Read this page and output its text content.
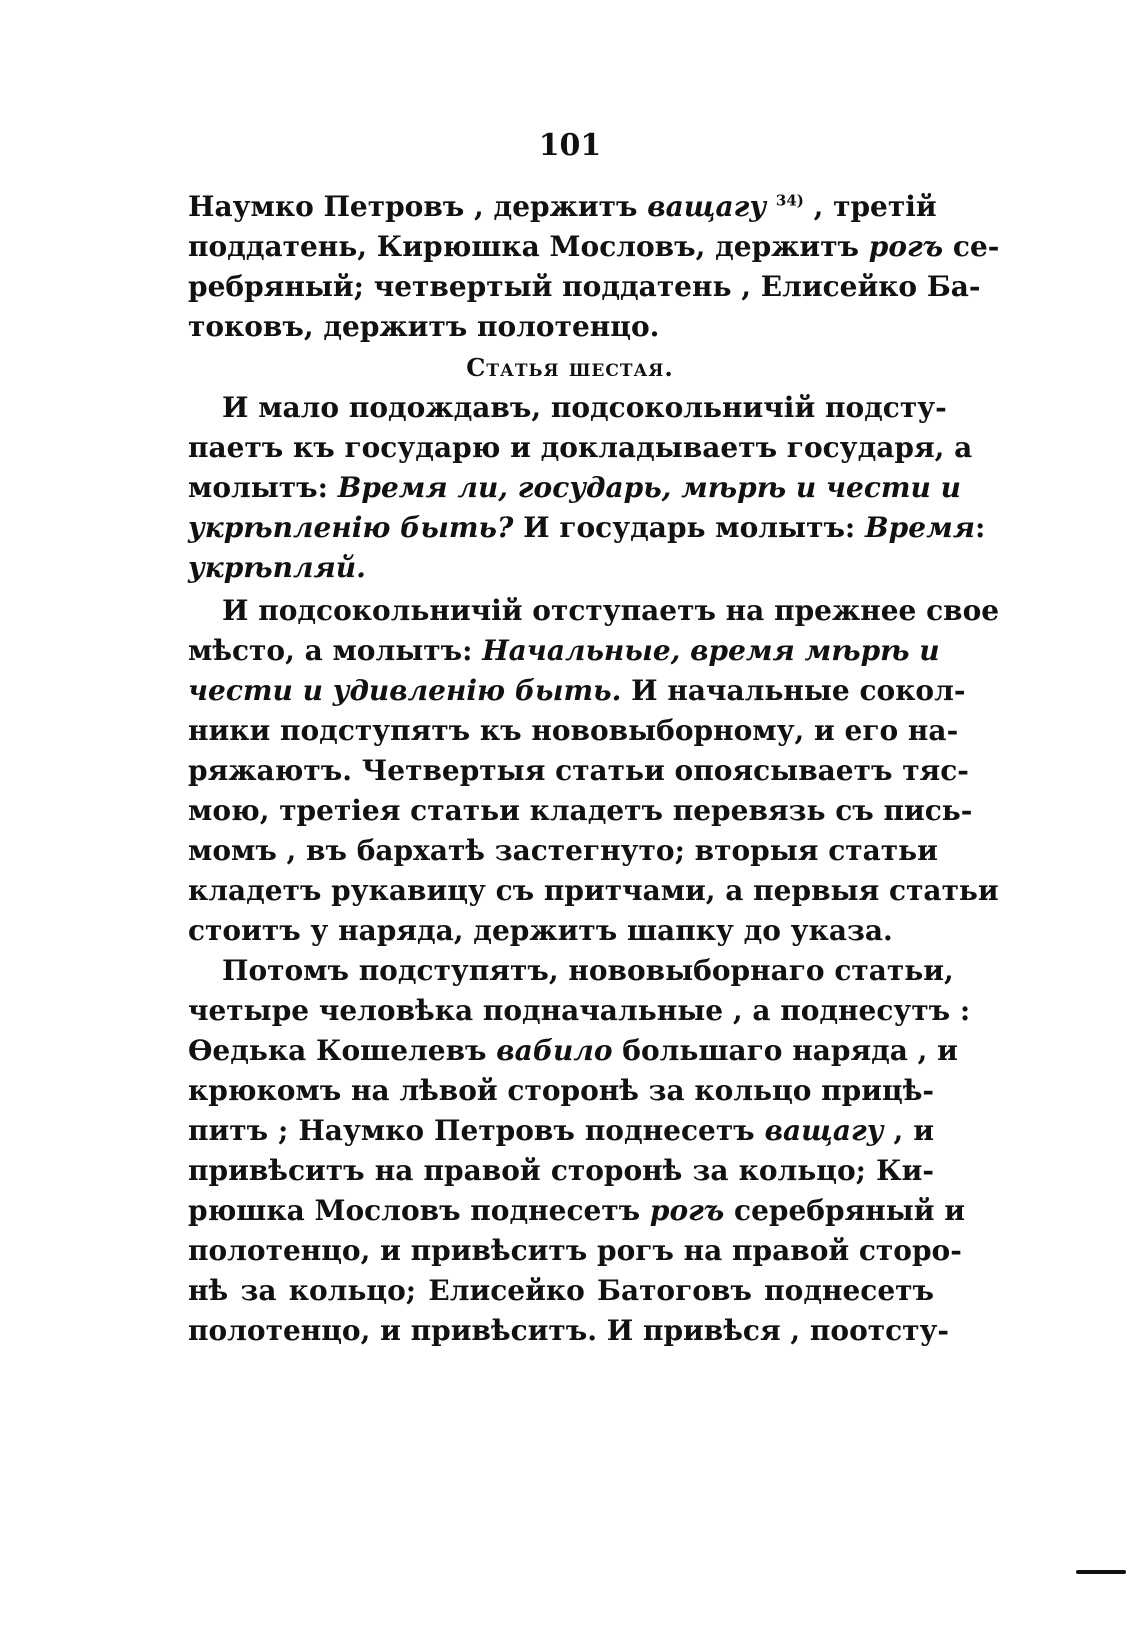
101
Наумко Петровъ , держитъ ващагу $^{34)}$ , третій
поддатень, Кирюшка Мословъ, держитъ рогъ се-
ребряный; четвертый поддатень , Елисейко Ба-
токовъ, держитъ полотенцо.
Статья шестая.
И мало подождавъ, подсокольничій подсту-
паетъ къ государю и докладываетъ государя, а
молытъ: Время ли, государь, мѣрѣ и чести и
укрѣпленію быть? И государь молытъ: Время:
укрѣпляй.
И подсокольничій отступаетъ на прежнее свое
мѣсто, а молытъ: Начальные, время мѣрѣ и
чести и удивленію быть. И начальные сокол-
ники подступятъ къ нововыборному, и его на-
ряжаютъ. Четвертыя статьи опоясываетъ тяс-
мою, третіея статьи кладетъ перевязь съ пись-
момъ , въ бархатѣ застегнуто; вторыя статьи
кладетъ рукавицу съ притчами, а первыя статьи
стоитъ у наряда, держитъ шапку до указа.
Потомъ подступятъ, нововыборнаго статьи,
четыре человѣка подначальные , а поднесутъ :
Ѳедька Кошелевъ вабило большаго наряда , и
крюкомъ на лѣвой сторонѣ за кольцо прицѣ-
питъ ; Наумко Петровъ поднесетъ ващагу , и
привѣситъ на правой сторонѣ за кольцо; Ки-
рюшка Мословъ поднесетъ рогъ серебряный и
полотенцо, и привѣситъ рогъ на правой сторо-
нѣ за кольцо; Елисейко Батоговъ поднесетъ
полотенцо, и привѣситъ. И привѣся , поотсту-
